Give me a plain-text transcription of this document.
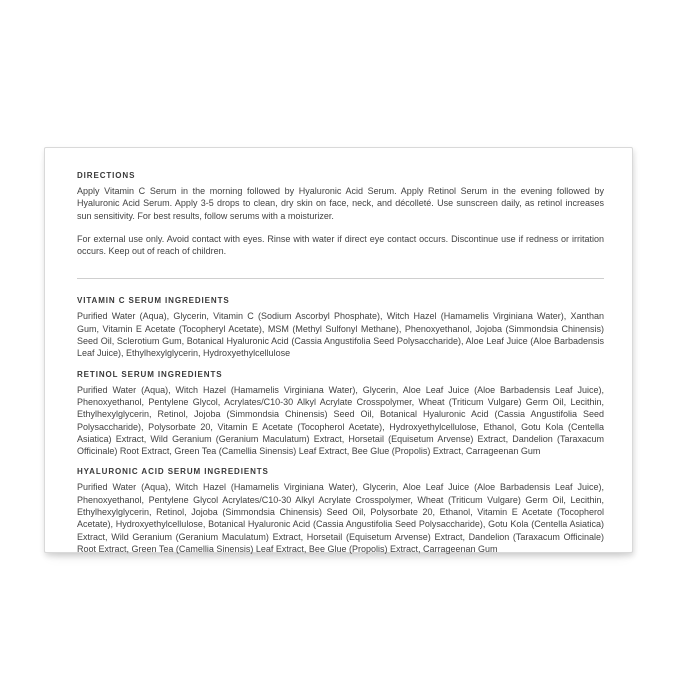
DIRECTIONS

Apply Vitamin C Serum in the morning followed by Hyaluronic Acid Serum. Apply Retinol Serum in the evening followed by Hyaluronic Acid Serum. Apply 3-5 drops to clean, dry skin on face, neck, and décolleté. Use sunscreen daily, as retinol increases sun sensitivity. For best results, follow serums with a moisturizer.

For external use only. Avoid contact with eyes. Rinse with water if direct eye contact occurs. Discontinue use if redness or irritation occurs. Keep out of reach of children.

VITAMIN C SERUM INGREDIENTS

Purified Water (Aqua), Glycerin, Vitamin C (Sodium Ascorbyl Phosphate), Witch Hazel (Hamamelis Virginiana Water), Xanthan Gum, Vitamin E Acetate (Tocopheryl Acetate), MSM (Methyl Sulfonyl Methane), Phenoxyethanol, Jojoba (Simmondsia Chinensis) Seed Oil, Sclerotium Gum, Botanical Hyaluronic Acid (Cassia Angustifolia Seed Polysaccharide), Aloe Leaf Juice (Aloe Barbadensis Leaf Juice), Ethylhexylglycerin, Hydroxyethylcellulose

RETINOL SERUM INGREDIENTS

Purified Water (Aqua), Witch Hazel (Hamamelis Virginiana Water), Glycerin, Aloe Leaf Juice (Aloe Barbadensis Leaf Juice), Phenoxyethanol, Pentylene Glycol, Acrylates/C10-30 Alkyl Acrylate Crosspolymer, Wheat (Triticum Vulgare) Germ Oil, Lecithin, Ethylhexylglycerin, Retinol, Jojoba (Simmondsia Chinensis) Seed Oil, Botanical Hyaluronic Acid (Cassia Angustifolia Seed Polysaccharide), Polysorbate 20, Vitamin E Acetate (Tocopherol Acetate), Hydroxyethylcellulose, Ethanol, Gotu Kola (Centella Asiatica) Extract, Wild Geranium (Geranium Maculatum) Extract, Horsetail (Equisetum Arvense) Extract, Dandelion (Taraxacum Officinale) Root Extract, Green Tea (Camellia Sinensis) Leaf Extract, Bee Glue (Propolis) Extract, Carrageenan Gum

HYALURONIC ACID SERUM INGREDIENTS

Purified Water (Aqua), Witch Hazel (Hamamelis Virginiana Water), Glycerin, Aloe Leaf Juice (Aloe Barbadensis Leaf Juice), Phenoxyethanol, Pentylene Glycol Acrylates/C10-30 Alkyl Acrylate Crosspolymer, Wheat (Triticum Vulgare) Germ Oil, Lecithin, Ethylhexylglycerin, Retinol, Jojoba (Simmondsia Chinensis) Seed Oil, Polysorbate 20, Ethanol, Vitamin E Acetate (Tocopherol Acetate), Hydroxyethylcellulose, Botanical Hyaluronic Acid (Cassia Angustifolia Seed Polysaccharide), Gotu Kola (Centella Asiatica) Extract, Wild Geranium (Geranium Maculatum) Extract, Horsetail (Equisetum Arvense) Extract, Dandelion (Taraxacum Officinale) Root Extract, Green Tea (Camellia Sinensis) Leaf Extract, Bee Glue (Propolis) Extract, Carrageenan Gum
